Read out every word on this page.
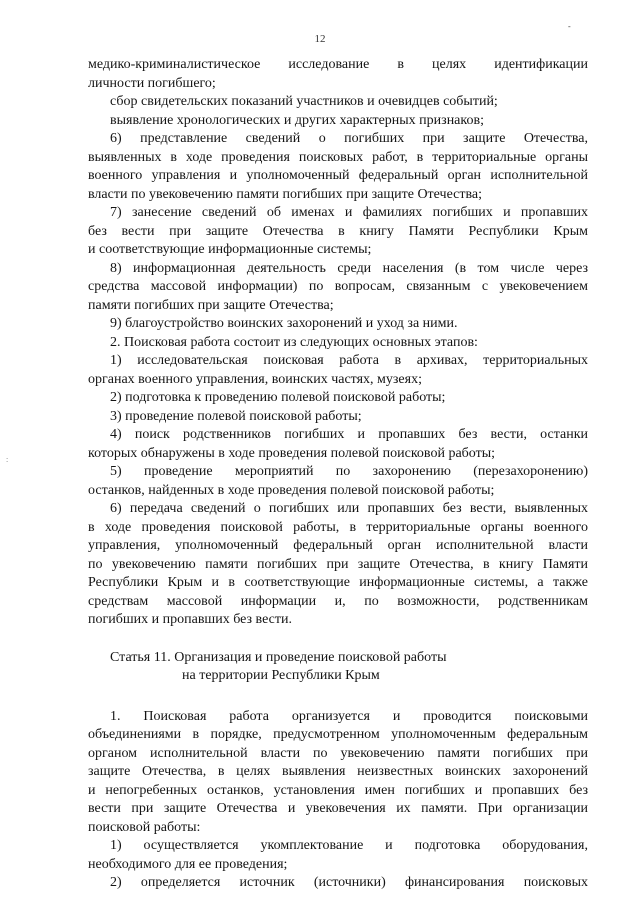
-
12
:
медико-криминалистическое исследование в целях идентификации
личности погибшего;
сбор свидетельских показаний участников и очевидцев событий;
выявление хронологических и других характерных признаков;
6) представление сведений о погибших при защите Отечества,
выявленных в ходе проведения поисковых работ, в территориальные органы
военного управления и уполномоченный федеральный орган исполнительной
власти по увековечению памяти погибших при защите Отечества;
7) занесение сведений об именах и фамилиях погибших и пропавших
без вести при защите Отечества в книгу Памяти Республики Крым
и соответствующие информационные системы;
8) информационная деятельность среди населения (в том числе через
средства массовой информации) по вопросам, связанным с увековечением
памяти погибших при защите Отечества;
9) благоустройство воинских захоронений и уход за ними.
2. Поисковая работа состоит из следующих основных этапов:
1) исследовательская поисковая работа в архивах, территориальных
органах военного управления, воинских частях, музеях;
2) подготовка к проведению полевой поисковой работы;
3) проведение полевой поисковой работы;
4) поиск родственников погибших и пропавших без вести, останки
которых обнаружены в ходе проведения полевой поисковой работы;
5) проведение мероприятий по захоронению (перезахоронению)
останков, найденных в ходе проведения полевой поисковой работы;
6) передача сведений о погибших или пропавших без вести, выявленных
в ходе проведения поисковой работы, в территориальные органы военного
управления, уполномоченный федеральный орган исполнительной власти
по увековечению памяти погибших при защите Отечества, в книгу Памяти
Республики Крым и в соответствующие информационные системы, а также
средствам массовой информации и, по возможности, родственникам
погибших и пропавших без вести.
Статья 11. Организация и проведение поисковой работы
на территории Республики Крым
1. Поисковая работа организуется и проводится поисковыми
объединениями в порядке, предусмотренном уполномоченным федеральным
органом исполнительной власти по увековечению памяти погибших при
защите Отечества, в целях выявления неизвестных воинских захоронений
и непогребенных останков, установления имен погибших и пропавших без
вести при защите Отечества и увековечения их памяти. При организации
поисковой работы:
1) осуществляется укомплектование и подготовка оборудования,
необходимого для ее проведения;
2) определяется источник (источники) финансирования поисковых
